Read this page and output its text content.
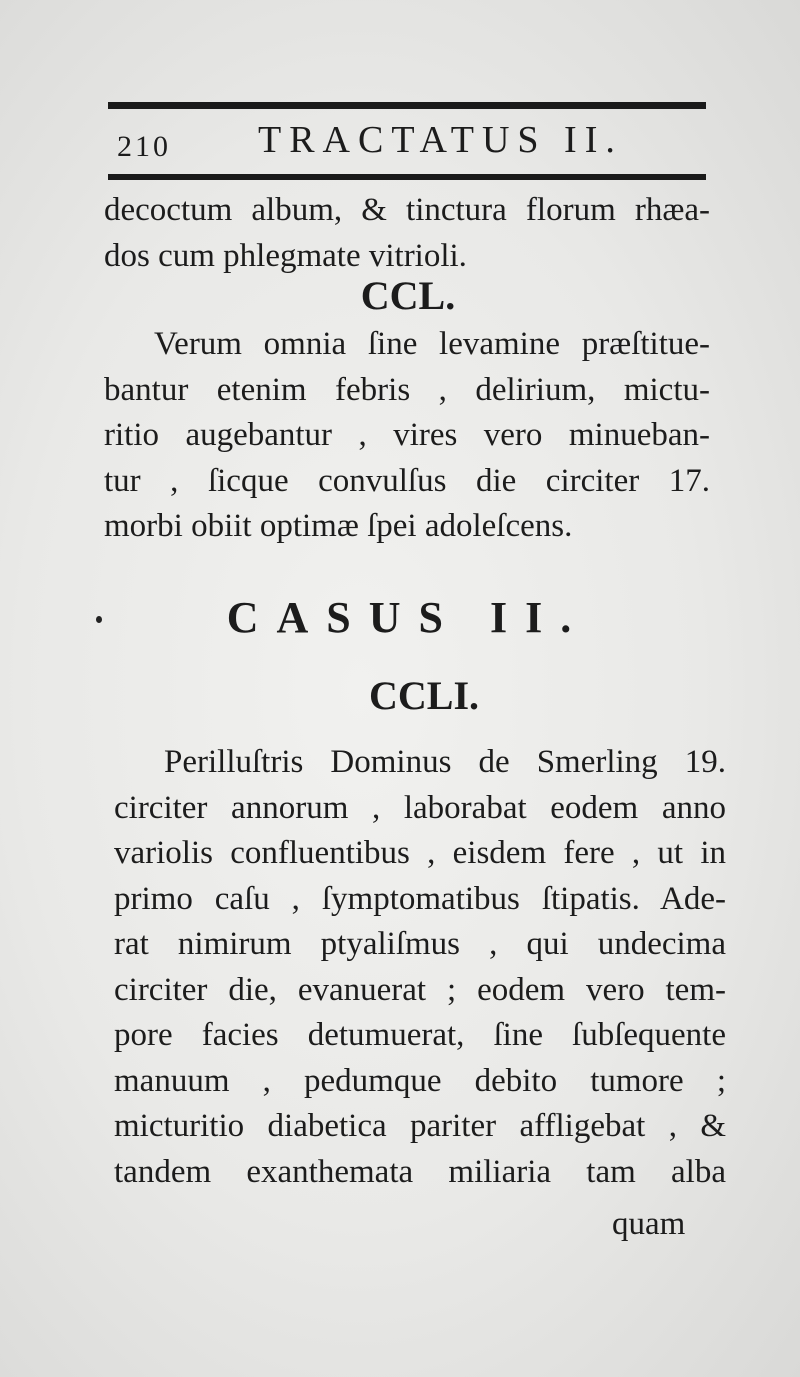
210 TRACTATUS II.

decoctum album, & tinctura florum rhæa-
dos cum phlegmate vitrioli.

CCL.

Verum omnia ſine levamine præſtitue-
bantur etenim febris , delirium, mictu-
ritio augebantur , vires vero minueban-
tur , ſicque convulſus die circiter 17.
morbi obiit optimæ ſpei adoleſcens.

CASUS II.
CCLI.

Perilluſtris Dominus de Smerling 19.
circiter annorum , laborabat eodem anno
variolis confluentibus , eisdem fere , ut in
primo caſu , ſymptomatibus ſtipatis. Ade-
rat nimirum ptyaliſmus , qui undecima
circiter die, evanuerat ; eodem vero tem-
pore facies detumuerat, ſine ſubſequente
manuum , pedumque debito tumore ;
micturitio diabetica pariter affligebat , &
tandem exanthemata miliaria tam alba

quam
